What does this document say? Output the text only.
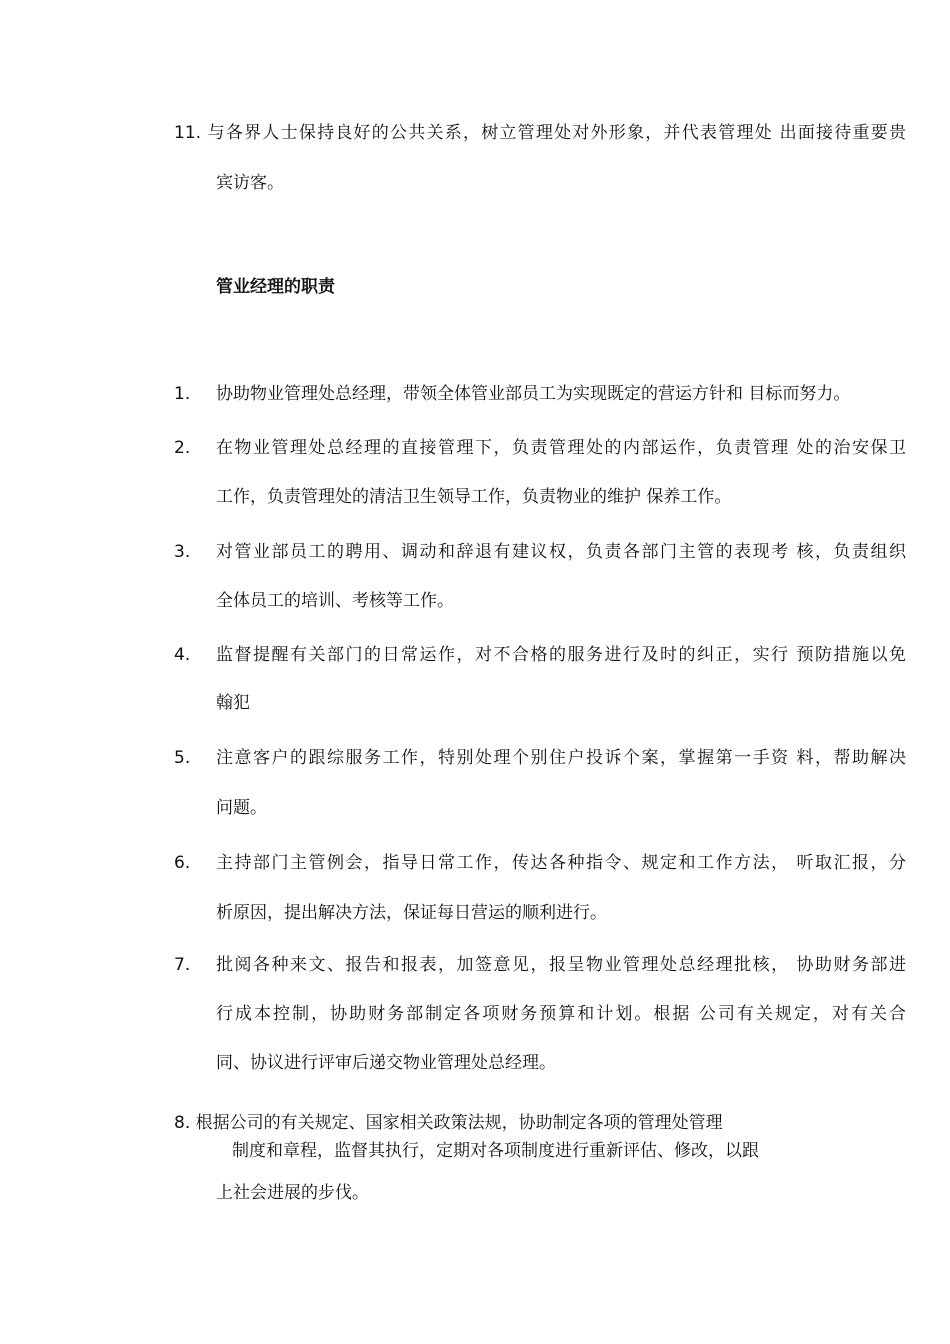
11. 与各界人士保持良好的公共关系，树立管理处对外形象，并代表管理处 出面接待重要贵
宾访客。
管业经理的职责
1. 协助物业管理处总经理，带领全体管业部员工为实现既定的营运方针和 目标而努力。
2. 在物业管理处总经理的直接管理下，负责管理处的内部运作，负责管理 处的治安保卫
工作，负责管理处的清洁卫生领导工作，负责物业的维护 保养工作。
3. 对管业部员工的聘用、调动和辞退有建议权，负责各部门主管的表现考 核，负责组织
全体员工的培训、考核等工作。
4. 监督提醒有关部门的日常运作，对不合格的服务进行及时的纠正，实行 预防措施以免
翰犯
5. 注意客户的跟综服务工作，特别处理个别住户投诉个案，掌握第一手资 料，帮助解决
问题。
6. 主持部门主管例会，指导日常工作，传达各种指令、规定和工作方法， 听取汇报，分
析原因，提出解决方法，保证每日营运的顺利进行。
7. 批阅各种来文、报告和报表，加签意见，报呈物业管理处总经理批核， 协助财务部进
行成本控制，协助财务部制定各项财务预算和计划。根据 公司有关规定，对有关合
同、协议进行评审后递交物业管理处总经理。
8. 根据公司的有关规定、国家相关政策法规，协助制定各项的管理处管理
制度和章程，监督其执行，定期对各项制度进行重新评估、修改，以跟
上社会进展的步伐。
